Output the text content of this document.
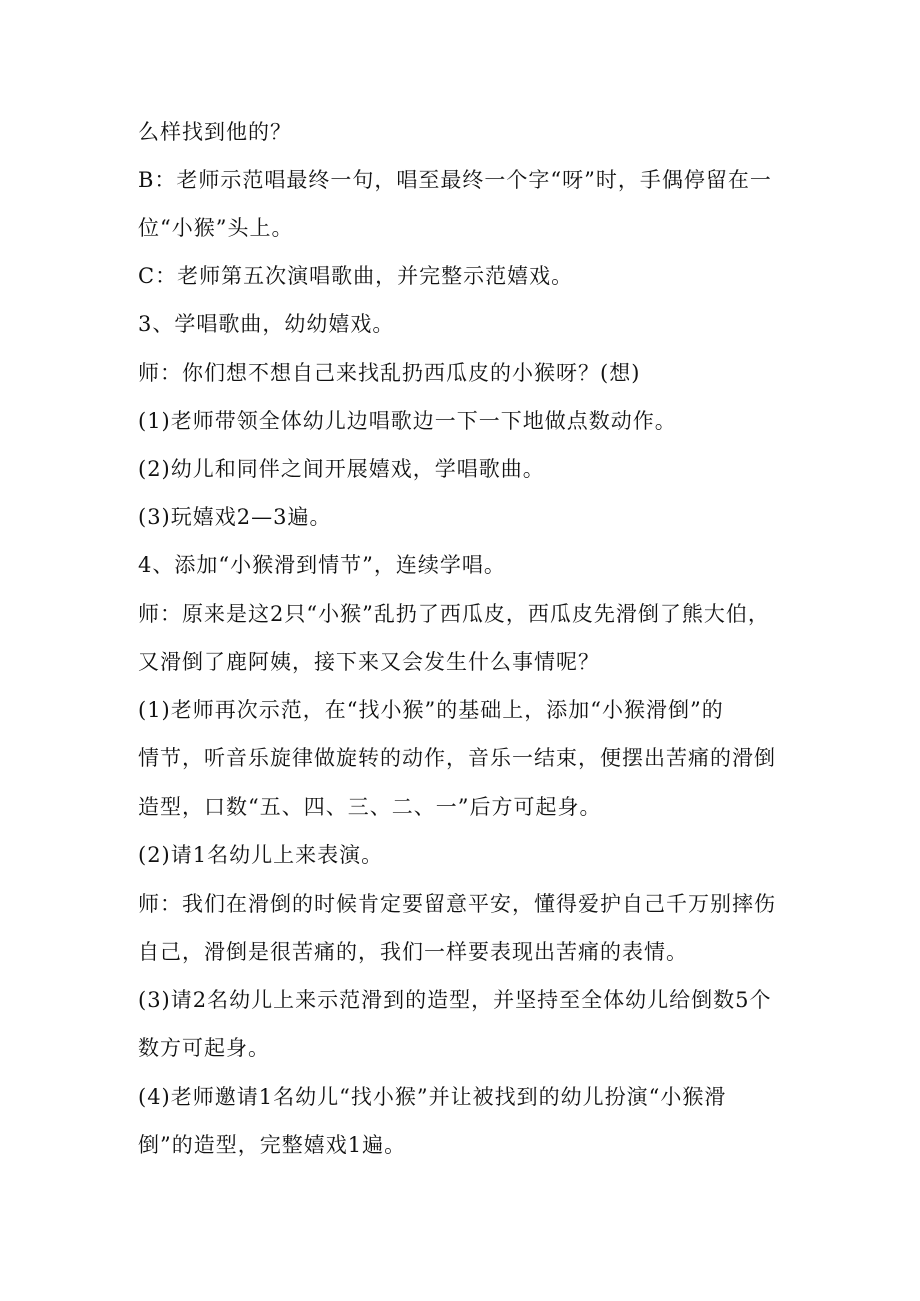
么样找到他的？
B：老师示范唱最终一句，唱至最终一个字“呀”时，手偶停留在一
位“小猴”头上。
C：老师第五次演唱歌曲，并完整示范嬉戏。
3、学唱歌曲，幼幼嬉戏。
师：你们想不想自己来找乱扔西瓜皮的小猴呀？(想)
(1)老师带领全体幼儿边唱歌边一下一下地做点数动作。
(2)幼儿和同伴之间开展嬉戏，学唱歌曲。
(3)玩嬉戏2—3遍。
4、添加“小猴滑到情节”，连续学唱。
师：原来是这2只“小猴”乱扔了西瓜皮，西瓜皮先滑倒了熊大伯，
又滑倒了鹿阿姨，接下来又会发生什么事情呢？
(1)老师再次示范，在“找小猴”的基础上，添加“小猴滑倒”的
情节，听音乐旋律做旋转的动作，音乐一结束，便摆出苦痛的滑倒
造型，口数“五、四、三、二、一”后方可起身。
(2)请1名幼儿上来表演。
师：我们在滑倒的时候肯定要留意平安，懂得爱护自己千万别摔伤
自己，滑倒是很苦痛的，我们一样要表现出苦痛的表情。
(3)请2名幼儿上来示范滑到的造型，并坚持至全体幼儿给倒数5个
数方可起身。
(4)老师邀请1名幼儿“找小猴”并让被找到的幼儿扮演“小猴滑
倒”的造型，完整嬉戏1遍。
